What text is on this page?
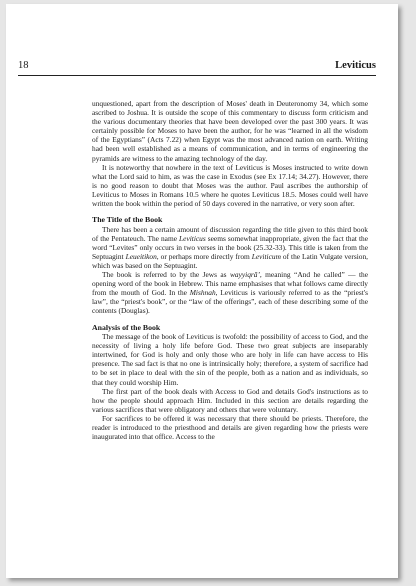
18	Leviticus

unquestioned, apart from the description of Moses' death in Deuteronomy 34, which some ascribed to Joshua. It is outside the scope of this commentary to discuss form criticism and the various documentary theories that have been developed over the past 300 years. It was certainly possible for Moses to have been the author, for he was “learned in all the wisdom of the Egyptians” (Acts 7.22) when Egypt was the most advanced nation on earth. Writing had been well established as a means of communication, and in terms of engineering the pyramids are witness to the amazing technology of the day.

It is noteworthy that nowhere in the text of Leviticus is Moses instructed to write down what the Lord said to him, as was the case in Exodus (see Ex 17.14; 34.27). However, there is no good reason to doubt that Moses was the author. Paul ascribes the authorship of Leviticus to Moses in Romans 10.5 where he quotes Leviticus 18.5. Moses could well have written the book within the period of 50 days covered in the narrative, or very soon after.

The Title of the Book

There has been a certain amount of discussion regarding the title given to this third book of the Pentateuch. The name Leviticus seems somewhat inappropriate, given the fact that the word “Levites” only occurs in two verses in the book (25.32-33). This title is taken from the Septuagint Leueitikon, or perhaps more directly from Leviticum of the Latin Vulgate version, which was based on the Septuagint.

The book is referred to by the Jews as wayyiqrā’, meaning “And he called” — the opening word of the book in Hebrew. This name emphasises that what follows came directly from the mouth of God. In the Mishnah, Leviticus is variously referred to as the “priest's law”, the “priest's book”, or the “law of the offerings”, each of these describing some of the contents (Douglas).

Analysis of the Book

The message of the book of Leviticus is twofold: the possibility of access to God, and the necessity of living a holy life before God. These two great subjects are inseparably intertwined, for God is holy and only those who are holy in life can have access to His presence. The sad fact is that no one is intrinsically holy; therefore, a system of sacrifice had to be set in place to deal with the sin of the people, both as a nation and as individuals, so that they could worship Him.

The first part of the book deals with Access to God and details God's instructions as to how the people should approach Him. Included in this section are details regarding the various sacrifices that were obligatory and others that were voluntary.

For sacrifices to be offered it was necessary that there should be priests. Therefore, the reader is introduced to the priesthood and details are given regarding how the priests were inaugurated into that office. Access to the
